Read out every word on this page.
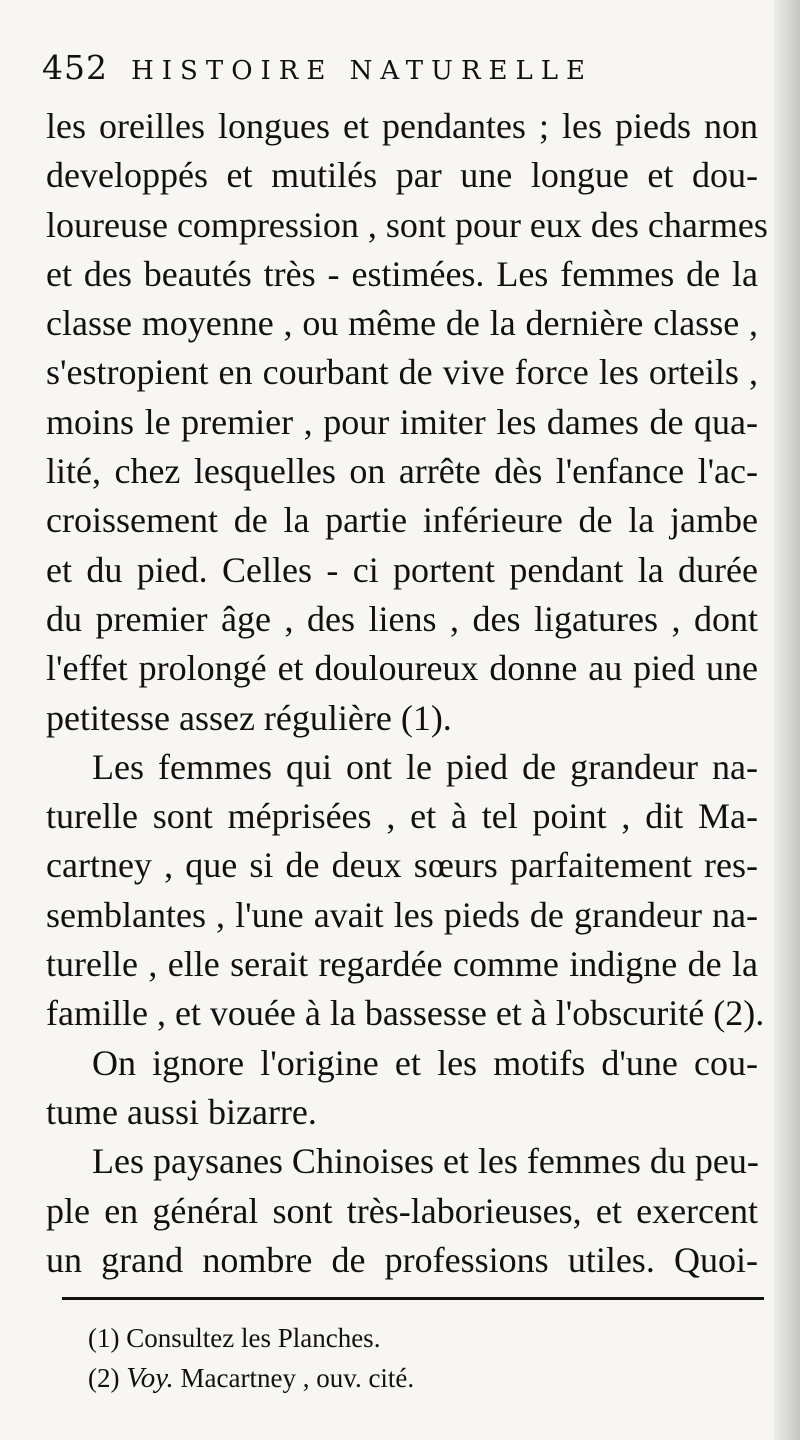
452 HISTOIRE NATURELLE
les oreilles longues et pendantes ; les pieds non
developpés et mutilés par une longue et dou-
loureuse compression , sont pour eux des charmes
et des beautés très - estimées. Les femmes de la
classe moyenne , ou même de la dernière classe ,
s'estropient en courbant de vive force les orteils ,
moins le premier , pour imiter les dames de qua-
lité, chez lesquelles on arrête dès l'enfance l'ac-
croissement de la partie inférieure de la jambe
et du pied. Celles - ci portent pendant la durée
du premier âge , des liens , des ligatures , dont
l'effet prolongé et douloureux donne au pied une
petitesse assez régulière (1).
Les femmes qui ont le pied de grandeur na-
turelle sont méprisées , et à tel point , dit Ma-
cartney , que si de deux sœurs parfaitement res-
semblantes , l'une avait les pieds de grandeur na-
turelle , elle serait regardée comme indigne de la
famille , et vouée à la bassesse et à l'obscurité (2).
On ignore l'origine et les motifs d'une cou-
tume aussi bizarre.
Les paysanes Chinoises et les femmes du peu-
ple en général sont très-laborieuses, et exercent
un grand nombre de professions utiles. Quoi-
(1) Consultez les Planches.
(2) Voy. Macartney , ouv. cité.
